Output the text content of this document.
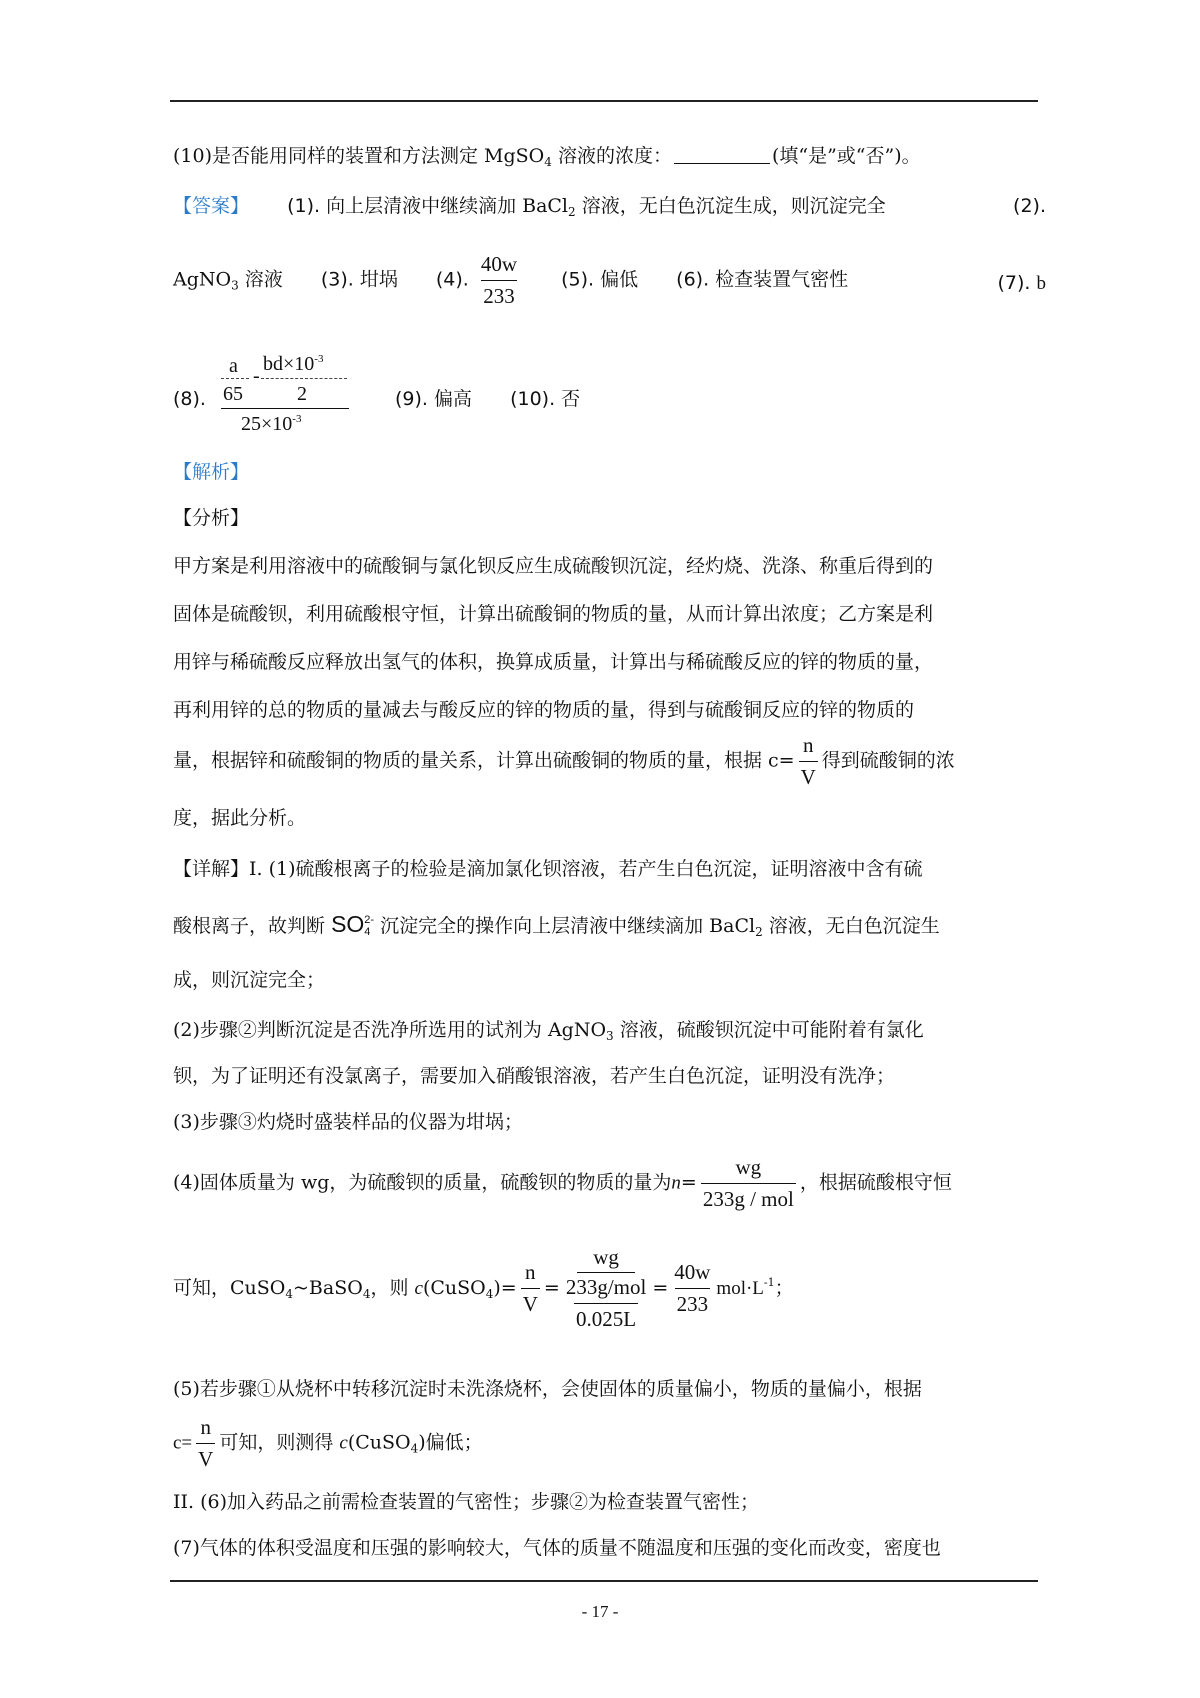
(10)是否能用同样的装置和方法测定 MgSO$_4$ 溶液的浓度：	(填“是”或“否”)。
【答案】 (1). 向上层清液中继续滴加 BaCl$_2$ 溶液，无白色沉淀生成，则沉淀完全	(2).
AgNO$_3$ 溶液 (3). 坩埚 (4). $\frac{40w}{233} (5)$. 偏低 (6). 检查装置气密性	(7). b
(8).
a
65
-
$bd\times 10^{-3}$
2
$25\times 10^{-3}$
(9). 偏高 (10). 否
【解析】
【分析】
甲方案是利用溶液中的硫酸铜与氯化钡反应生成硫酸钡沉淀，经灼烧、洗涤、称重后得到的
固体是硫酸钡，利用硫酸根守恒，计算出硫酸铜的物质的量，从而计算出浓度；乙方案是利
用锌与稀硫酸反应释放出氢气的体积，换算成质量，计算出与稀硫酸反应的锌的物质的量，
再利用锌的总的物质的量减去与酸反应的锌的物质的量，得到与硫酸铜反应的锌的物质的
量，根据锌和硫酸铜的物质的量关系，计算出硫酸铜的物质的量，根据 $c= \frac{n}{V}$ 得到硫酸铜的浓
度，据此分析。
【详解】I. (1)硫酸根离子的检验是滴加氯化钡溶液，若产生白色沉淀，证明溶液中含有硫
酸根离子，故判断 SO 2-
4 沉淀完全的操作向上层清液中继续滴加 BaCl$_2$ 溶液，无白色沉淀生
成，则沉淀完全；
(2)步骤②判断沉淀是否洗净所选用的试剂为 AgNO$_3$ 溶液，硫酸钡沉淀中可能附着有氯化
钡，为了证明还有没氯离子，需要加入硝酸银溶液，若产生白色沉淀，证明没有洗净；
(3)步骤③灼烧时盛装样品的仪器为坩埚；
(4)固体质量为 wg，为硫酸钡的质量，硫酸钡的物质的量为$n= \frac{wg}{\text{233g / mol}}$ ，根据硫酸根守恒
可知，CuSO$_4$~BaSO$_4$，则 c(CuSO$_4$)= $\frac{n}{V}$ = wg
233g/mol
$0.025L = \frac{40w}{233} mol\cdot L^{-1}$；
(5)若步骤①从烧杯中转移沉淀时未洗涤烧杯，会使固体的质量偏小，物质的量偏小，根据
$c= \frac{n}{V}$ 可知，则测得 c(CuSO$_4$)偏低；
II. (6)加入药品之前需检查装置的气密性；步骤②为检查装置气密性；
(7)气体的体积受温度和压强的影响较大，气体的质量不随温度和压强的变化而改变，密度也
- 17 -
